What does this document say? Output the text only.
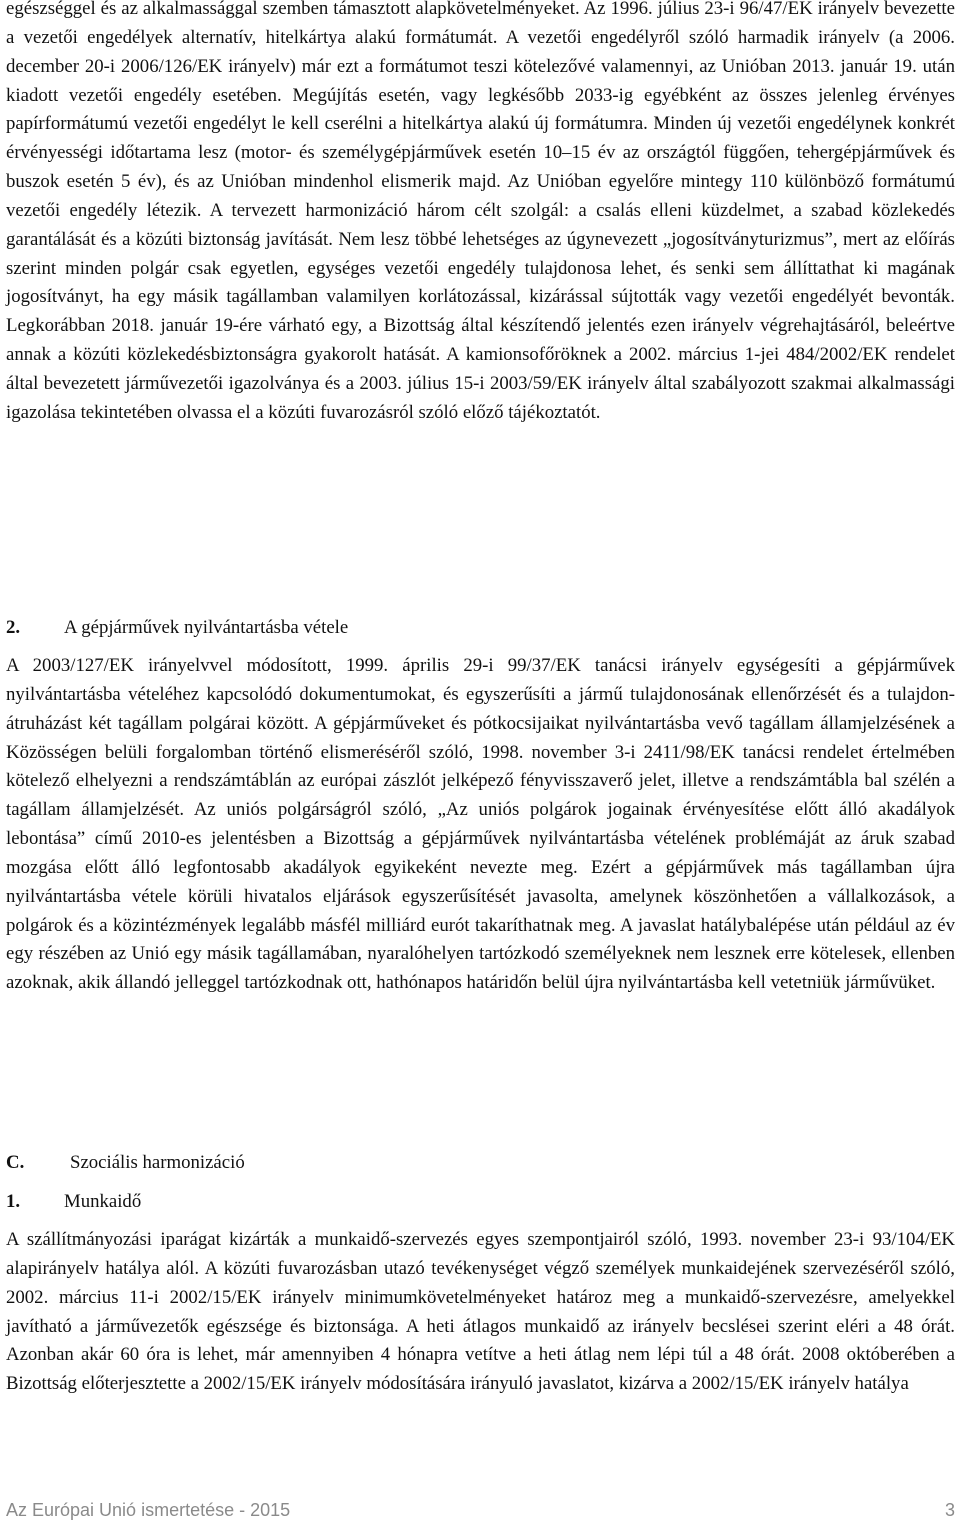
egészséggel és az alkalmassággal szemben támasztott alapkövetelményeket. Az 1996. július 23-i 96/47/EK irányelv bevezette a vezetői engedélyek alternatív, hitelkártya alakú formátumát. A vezetői engedélyről szóló harmadik irányelv (a 2006. december 20-i 2006/126/EK irányelv) már ezt a formátumot teszi kötelezővé valamennyi, az Unióban 2013. január 19. után kiadott vezetői engedély esetében. Megújítás esetén, vagy legkésőbb 2033-ig egyébként az összes jelenleg érvényes papírformátumú vezetői engedélyt le kell cserélni a hitelkártya alakú új formátumra. Minden új vezetői engedélynek konkrét érvényességi időtartama lesz (motor- és személygépjárművek esetén 10–15 év az országtól függően, tehergépjárművek és buszok esetén 5 év), és az Unióban mindenhol elismerik majd. Az Unióban egyelőre mintegy 110 különböző formátumú vezetői engedély létezik. A tervezett harmonizáció három célt szolgál: a csalás elleni küzdelmet, a szabad közlekedés garantálását és a közúti biztonság javítását. Nem lesz többé lehetséges az úgynevezett „jogosítványturizmus”, mert az előírás szerint minden polgár csak egyetlen, egységes vezetői engedély tulajdonosa lehet, és senki sem állíttathat ki magának jogosítványt, ha egy másik tagállamban valamilyen korlátozással, kizárással sújtották vagy vezetői engedélyét bevonták. Legkorábban 2018. január 19-ére várható egy, a Bizottság által készítendő jelentés ezen irányelv végrehajtásáról, beleértve annak a közúti közlekedésbiztonságra gyakorolt hatását. A kamionsofőröknek a 2002. március 1-jei 484/2002/EK rendelet által bevezetett járművezetői igazolványa és a 2003. július 15-i 2003/59/EK irányelv által szabályozott szakmai alkalmassági igazolása tekintetében olvassa el a közúti fuvarozásról szóló előző tájékoztatót.

2. A gépjárművek nyilvántartásba vétele

A 2003/127/EK irányelvvel módosított, 1999. április 29-i 99/37/EK tanácsi irányelv egységesíti a gépjárművek nyilvántartásba vételéhez kapcsolódó dokumentumokat, és egyszerűsíti a jármű tulajdonosának ellenőrzését és a tulajdon-átruházást két tagállam polgárai között. A gépjárműveket és pótkocsijaikat nyilvántartásba vevő tagállam államjelzésének a Közösségen belüli forgalomban történő elismeréséről szóló, 1998. november 3-i 2411/98/EK tanácsi rendelet értelmében kötelező elhelyezni a rendszámtáblán az európai zászlót jelképező fényvisszaverő jelet, illetve a rendszámtábla bal szélén a tagállam államjelzését. Az uniós polgárságról szóló, „Az uniós polgárok jogainak érvényesítése előtt álló akadályok lebontása” című 2010-es jelentésben a Bizottság a gépjárművek nyilvántartásba vételének problémáját az áruk szabad mozgása előtt álló legfontosabb akadályok egyikeként nevezte meg. Ezért a gépjárművek más tagállamban újra nyilvántartásba vétele körüli hivatalos eljárások egyszerűsítését javasolta, amelynek köszönhetően a vállalkozások, a polgárok és a közintézmények legalább másfél milliárd eurót takaríthatnak meg. A javaslat hatálybalépése után például az év egy részében az Unió egy másik tagállamában, nyaralóhelyen tartózkodó személyeknek nem lesznek erre kötelesek, ellenben azoknak, akik állandó jelleggel tartózkodnak ott, hathónapos határidőn belül újra nyilvántartásba kell vetetniük járművüket.

C. Szociális harmonizáció
1. Munkaidő

A szállítmányozási iparágat kizárták a munkaidő-szervezés egyes szempontjairól szóló, 1993. november 23-i 93/104/EK alapirányelv hatálya alól. A közúti fuvarozásban utazó tevékenységet végző személyek munkaidejének szervezéséről szóló, 2002. március 11-i 2002/15/EK irányelv minimumkövetelményeket határoz meg a munkaidő-szervezésre, amelyekkel javítható a járművezetők egészsége és biztonsága. A heti átlagos munkaidő az irányelv becslései szerint eléri a 48 órát. Azonban akár 60 óra is lehet, már amennyiben 4 hónapra vetítve a heti átlag nem lépi túl a 48 órát. 2008 októberében a Bizottság előterjesztette a 2002/15/EK irányelv módosítására irányuló javaslatot, kizárva a 2002/15/EK irányelv hatálya

Az Európai Unió ismertetése - 2015	3
